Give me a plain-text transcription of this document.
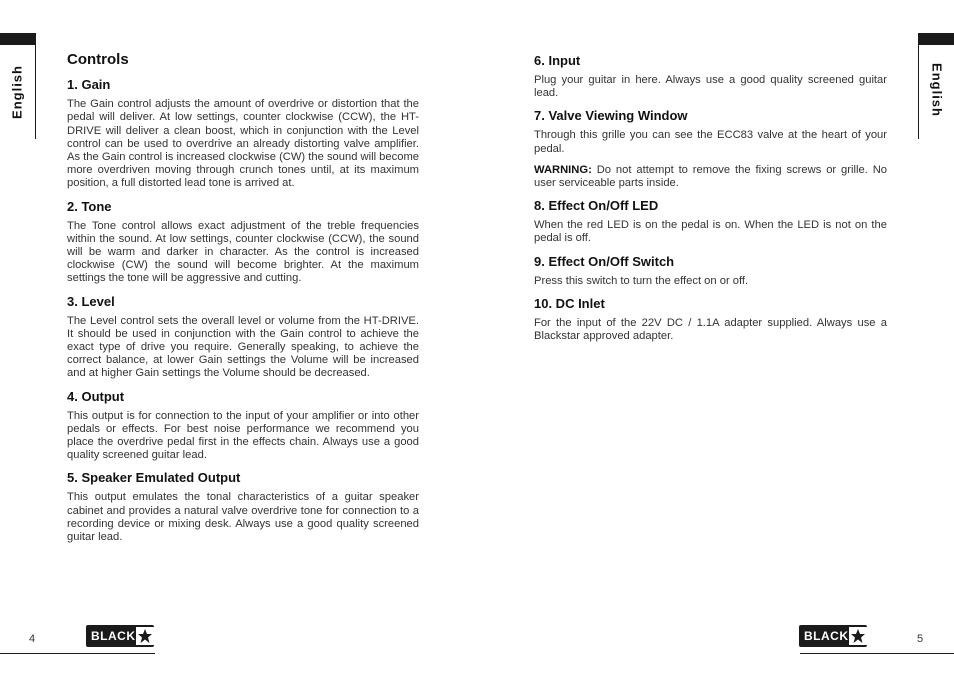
English	English
Controls
1. Gain

The Gain control adjusts the amount of overdrive or distortion that the pedal will deliver. At low settings, counter clockwise (CCW), the HT-DRIVE will deliver a clean boost, which in conjunction with the Level control can be used to overdrive an already distorting valve amplifier. As the Gain control is increased clockwise (CW) the sound will become more overdriven moving through crunch tones until, at its maximum position, a full distorted lead tone is arrived at.

2. Tone

The Tone control allows exact adjustment of the treble frequencies within the sound. At low settings, counter clockwise (CCW), the sound will be warm and darker in character. As the control is increased clockwise (CW) the sound will become brighter. At the maximum settings the tone will be aggressive and cutting.

3. Level

The Level control sets the overall level or volume from the HT-DRIVE. It should be used in conjunction with the Gain control to achieve the exact type of drive you require. Generally speaking, to achieve the correct balance, at lower Gain settings the Volume will be increased and at higher Gain settings the Volume should be decreased.

4. Output

This output is for connection to the input of your amplifier or into other pedals or effects. For best noise performance we recommend you place the overdrive pedal first in the effects chain. Always use a good quality screened guitar lead.

5. Speaker Emulated Output

This output emulates the tonal characteristics of a guitar speaker cabinet and provides a natural valve overdrive tone for connection to a recording device or mixing desk. Always use a good quality screened guitar lead.

6. Input

Plug your guitar in here. Always use a good quality screened guitar lead.

7. Valve Viewing Window

Through this grille you can see the ECC83 valve at the heart of your pedal.

WARNING: Do not attempt to remove the fixing screws or grille. No user serviceable parts inside.

8. Effect On/Off LED

When the red LED is on the pedal is on. When the LED is not on the pedal is off.

9. Effect On/Off Switch

Press this switch to turn the effect on or off.

10. DC Inlet

For the input of the 22V DC / 1.1A adapter supplied. Always use a Blackstar approved adapter.

4	BLACK	BLACK	5
